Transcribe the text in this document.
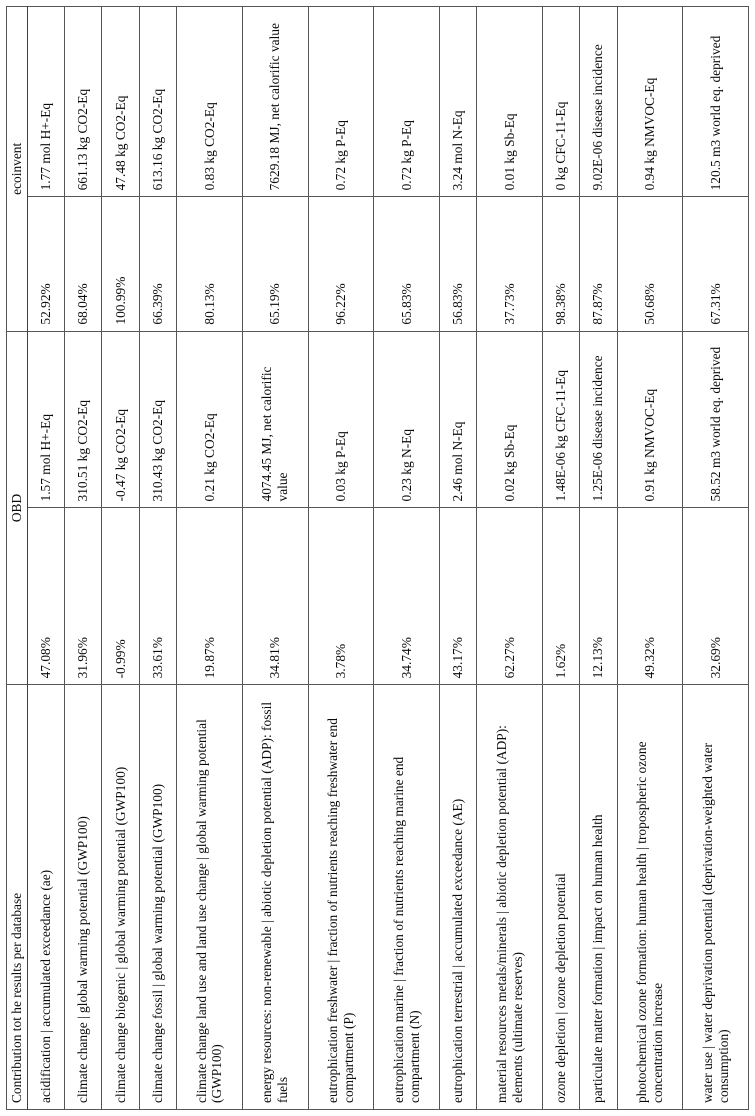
Contribution tot he results per database	OBD		ecoinvent	
acidification | accumulated exceedance (ae)	47.08%	1.57 mol H+-Eq	52.92%	1.77 mol H+-Eq
climate change | global warming potential (GWP100)	31.96%	310.51 kg CO2-Eq	68.04%	661.13 kg CO2-Eq
climate change biogenic | global warming potential (GWP100)	-0.99%	-0.47 kg CO2-Eq	100.99%	47.48 kg CO2-Eq
climate change fossil | global warming potential (GWP100)	33.61%	310.43 kg CO2-Eq	66.39%	613.16 kg CO2-Eq
climate change land use and land use change | global warming potential (GWP100)	19.87%	0.21 kg CO2-Eq	80.13%	0.83 kg CO2-Eq
energy resources: non-renewable | abiotic depletion potential (ADP): fossil fuels	34.81%	4074.45 MJ, net calorific value	65.19%	7629.18 MJ, net calorific value
eutrophication freshwater | fraction of nutrients reaching freshwater end compartment (P)	3.78%	0.03 kg P-Eq	96.22%	0.72 kg P-Eq
eutrophication marine | fraction of nutrients reaching marine end compartment (N)	34.74%	0.23 kg N-Eq	65.83%	0.72 kg P-Eq
eutrophication terrestrial | accumulated exceedance (AE)	43.17%	2.46 mol N-Eq	56.83%	3.24 mol N-Eq
material resources metals/minerals | abiotic depletion potential (ADP): elements (ultimate reserves)	62.27%	0.02 kg Sb-Eq	37.73%	0.01 kg Sb-Eq
ozone depletion | ozone depletion potential	1.62%	1.48E-06 kg CFC-11-Eq	98.38%	0 kg CFC-11-Eq
particulate matter formation | impact on human health	12.13%	1.25E-06 disease incidence	87.87%	9.02E-06 disease incidence
photochemical ozone formation: human health | tropospheric ozone concentration increase	49.32%	0.91 kg NMVOC-Eq	50.68%	0.94 kg NMVOC-Eq
water use | water deprivation potential (deprivation-weighted water consumption)	32.69%	58.52 m3 world eq. deprived	67.31%	120.5 m3 world eq. deprived
